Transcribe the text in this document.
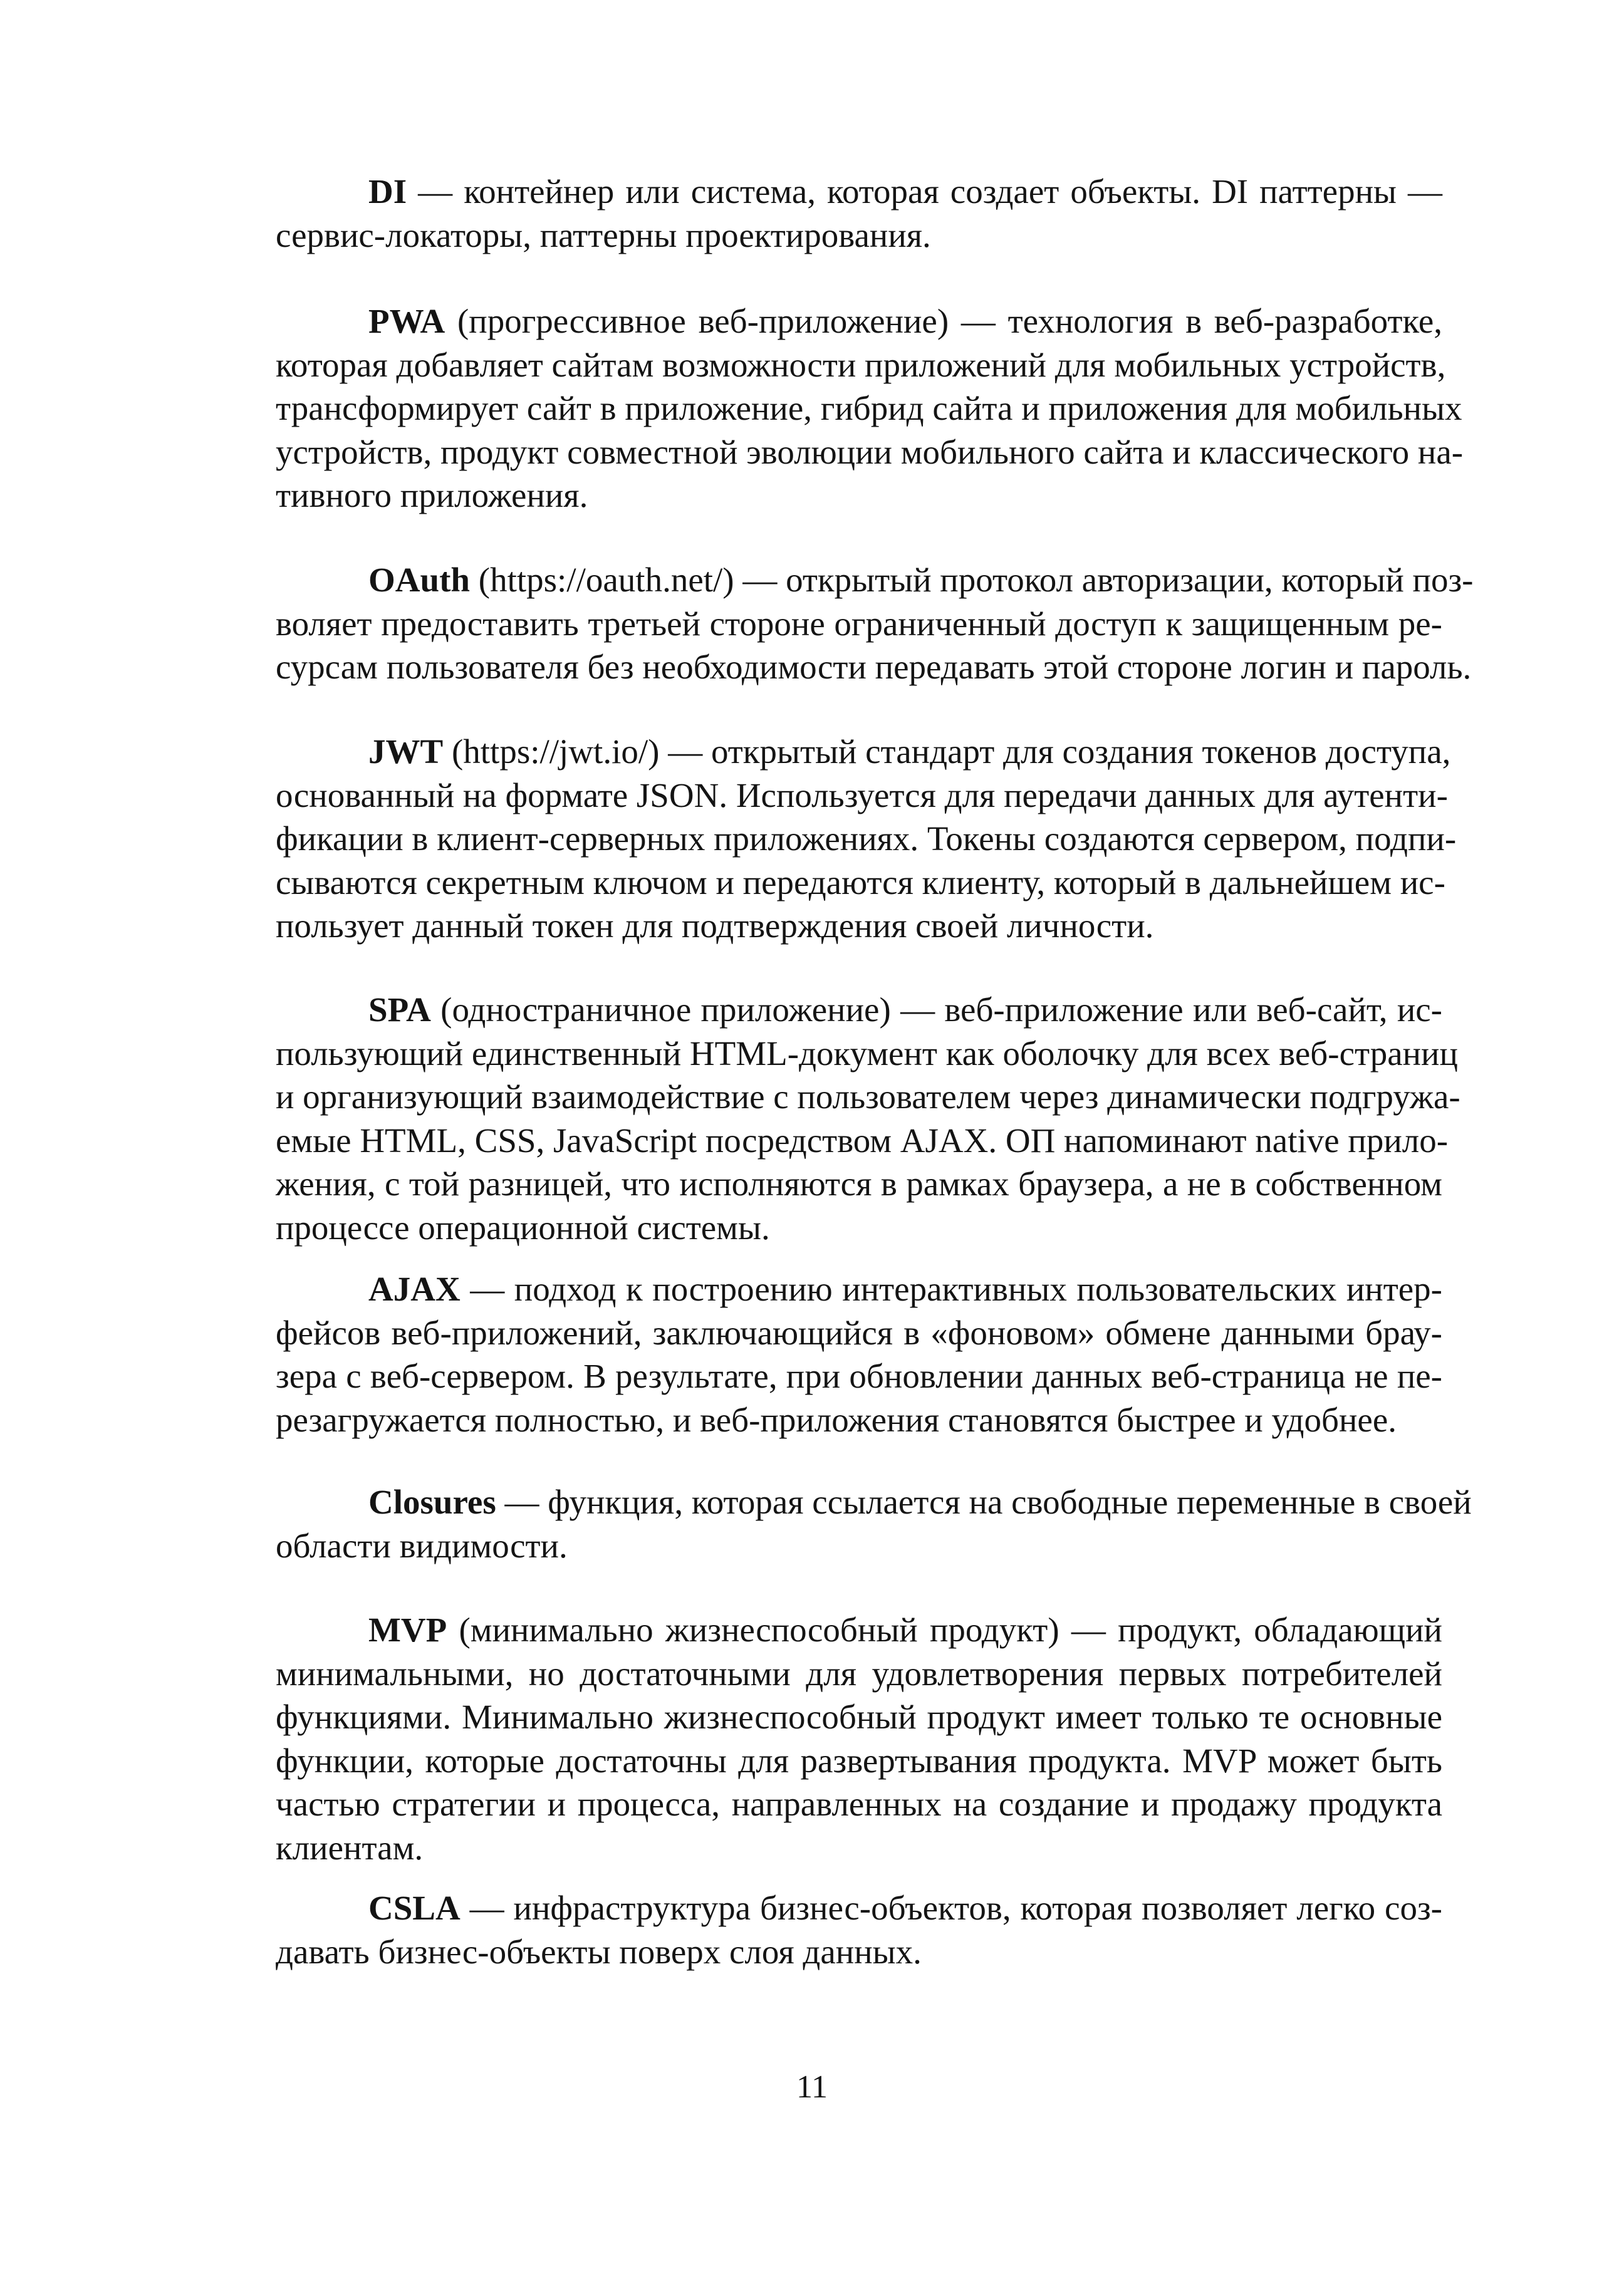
DI — контейнер или система, которая создает объекты. DI паттерны —
сервис-локаторы, паттерны проектирования.
PWA (прогрессивное веб-приложение) — технология в веб-разработке,
которая добавляет сайтам возможности приложений для мобильных устройств,
трансформирует сайт в приложение, гибрид сайта и приложения для мобильных
устройств, продукт совместной эволюции мобильного сайта и классического на-
тивного приложения.
OAuth (https://oauth.net/) — открытый протокол авторизации, который поз-
воляет предоставить третьей стороне ограниченный доступ к защищенным ре-
сурсам пользователя без необходимости передавать этой стороне логин и пароль.
JWT (https://jwt.io/) — открытый стандарт для создания токенов доступа,
основанный на формате JSON. Используется для передачи данных для аутенти-
фикации в клиент-серверных приложениях. Токены создаются сервером, подпи-
сываются секретным ключом и передаются клиенту, который в дальнейшем ис-
пользует данный токен для подтверждения своей личности.
SPA (одностраничное приложение) — веб-приложение или веб-сайт, ис-
пользующий единственный HTML-документ как оболочку для всех веб-страниц
и организующий взаимодействие с пользователем через динамически подгружа-
емые HTML, CSS, JavaScript посредством AJAX. ОП напоминают native прило-
жения, с той разницей, что исполняются в рамках браузера, а не в собственном
процессе операционной системы.
AJAX — подход к построению интерактивных пользовательских интер-
фейсов веб-приложений, заключающийся в «фоновом» обмене данными брау-
зера с веб-сервером. В результате, при обновлении данных веб-страница не пе-
резагружается полностью, и веб-приложения становятся быстрее и удобнее.
Closures — функция, которая ссылается на свободные переменные в своей
области видимости.
MVP (минимально жизнеспособный продукт) — продукт, обладающий
минимальными, но достаточными для удовлетворения первых потребителей
функциями. Минимально жизнеспособный продукт имеет только те основные
функции, которые достаточны для развертывания продукта. MVP может быть
частью стратегии и процесса, направленных на создание и продажу продукта
клиентам.
CSLA — инфраструктура бизнес-объектов, которая позволяет легко соз-
давать бизнес-объекты поверх слоя данных.
11
